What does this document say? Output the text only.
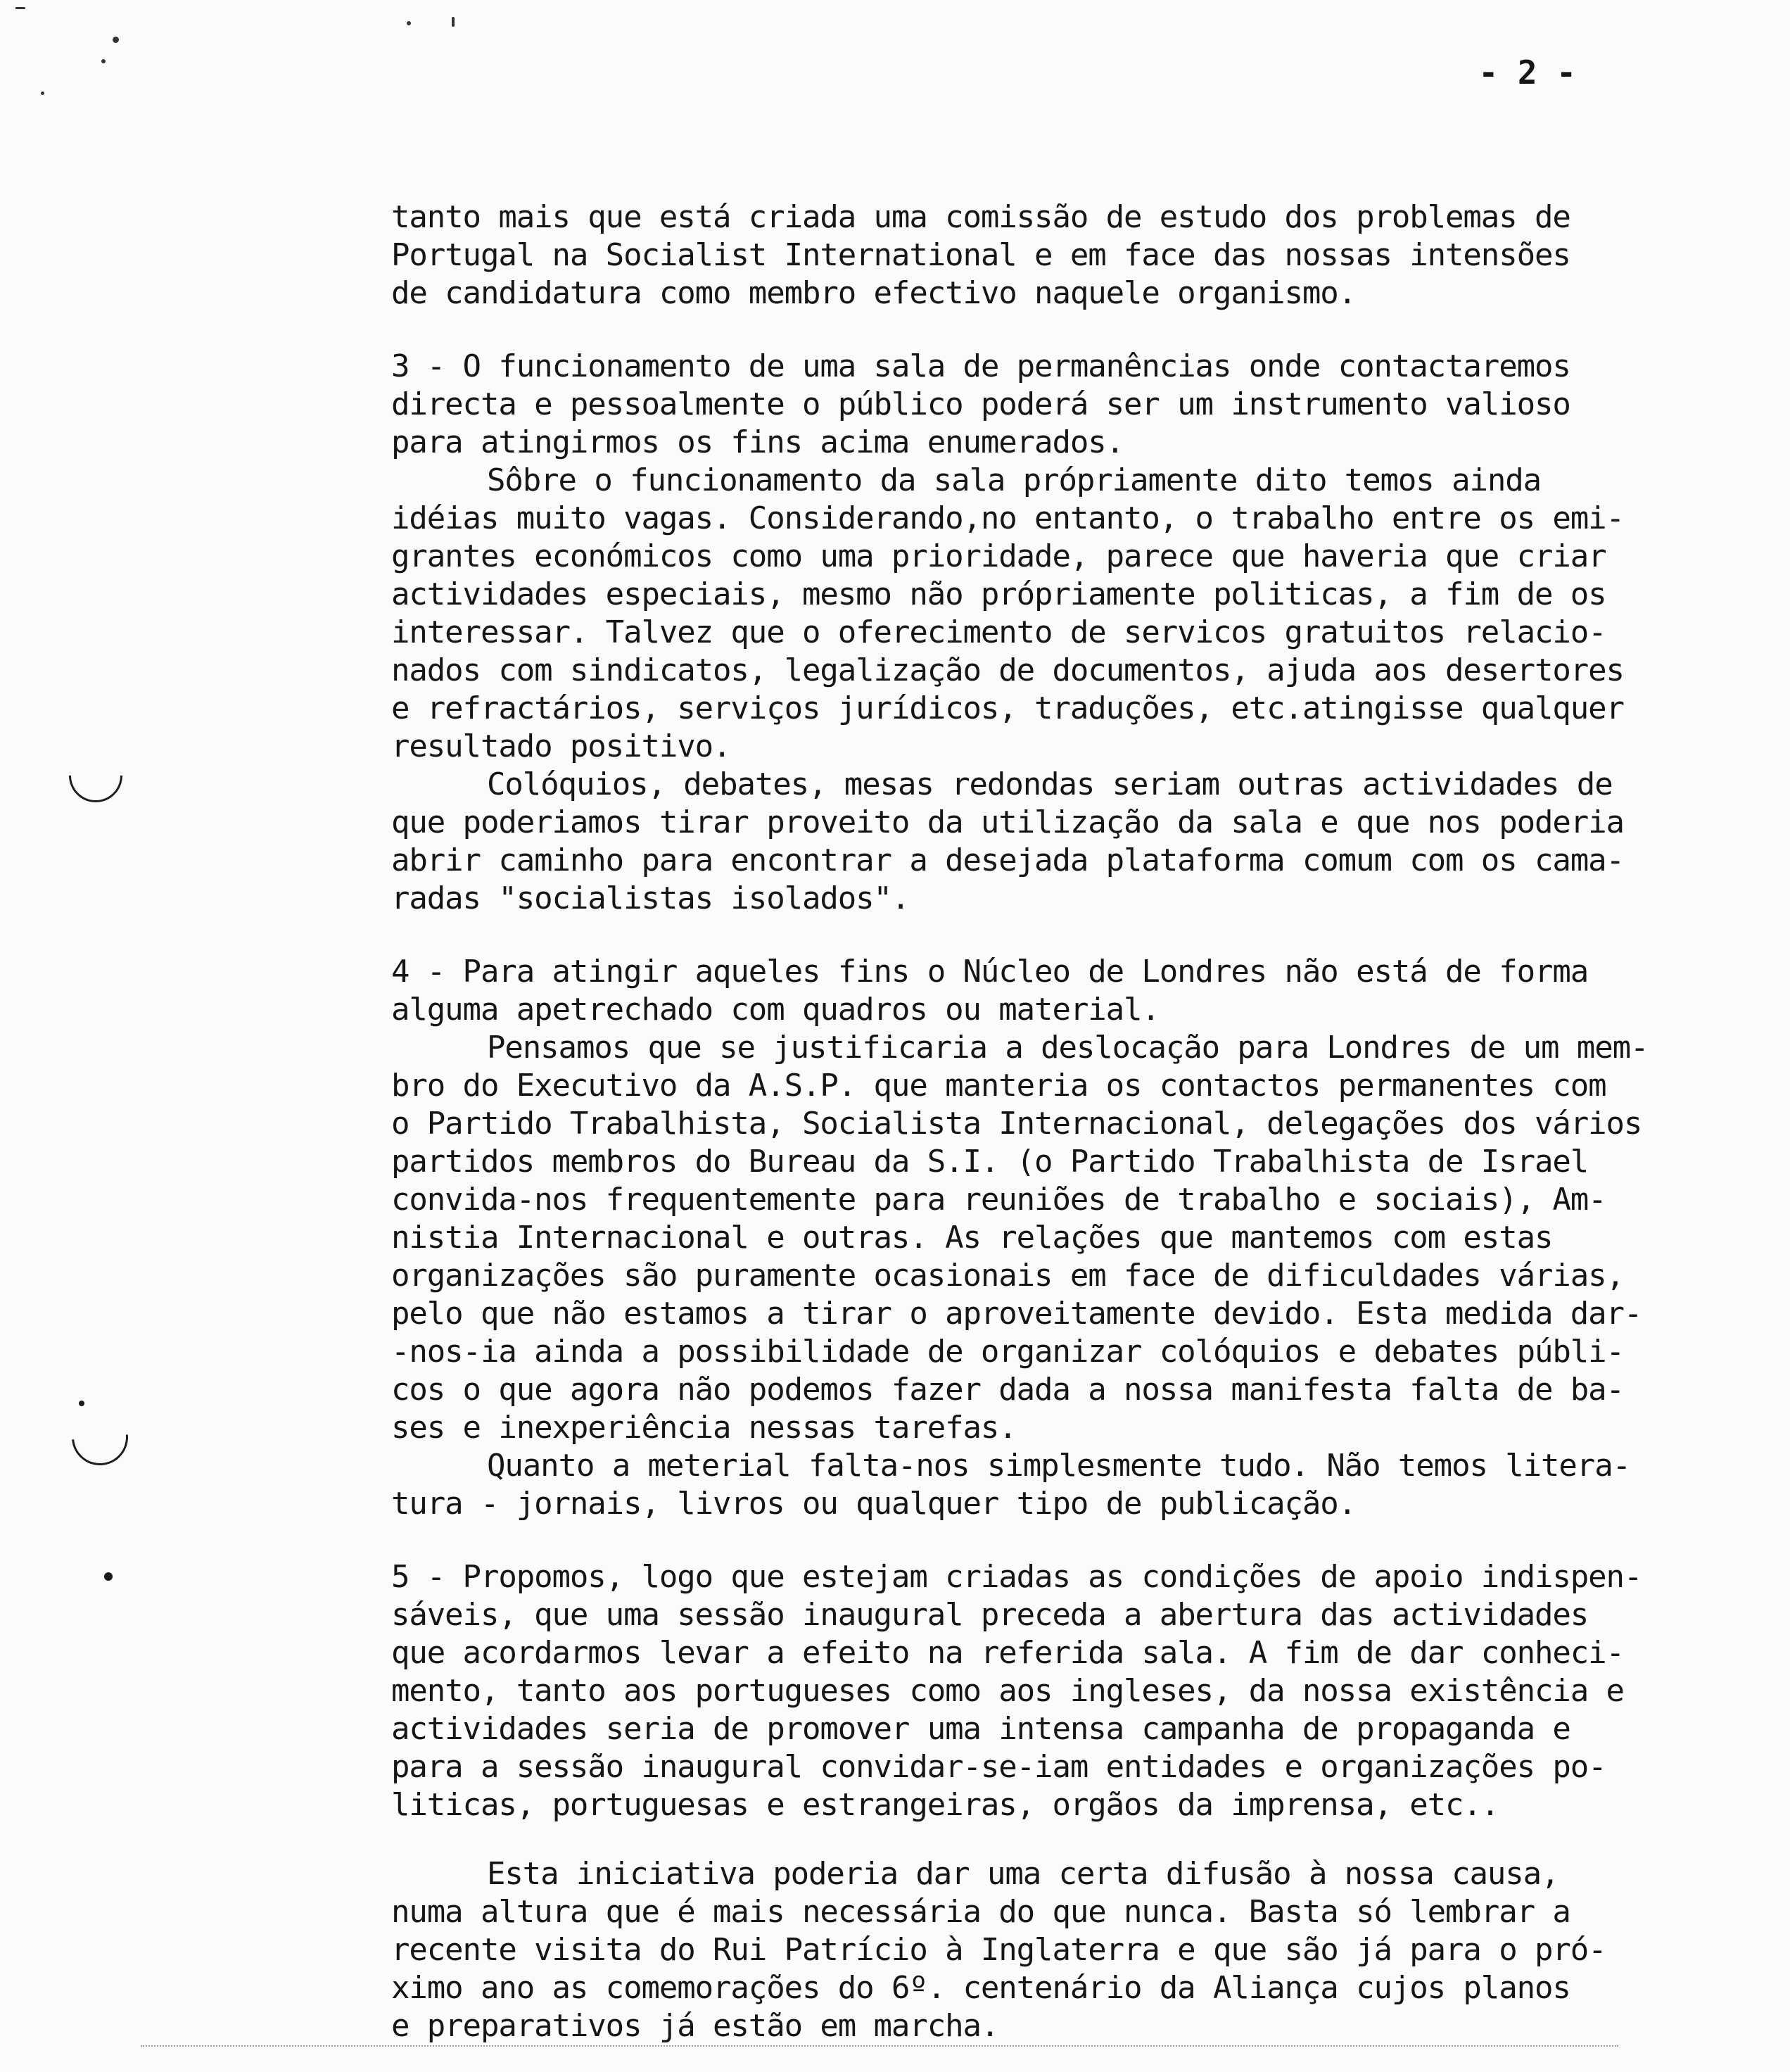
- 2 -
tanto mais que está criada uma comissão de estudo dos problemas de
Portugal na Socialist International e em face das nossas intensões
de candidatura como membro efectivo naquele organismo.
3 - O funcionamento de uma sala de permanências onde contactaremos
directa e pessoalmente o público poderá ser um instrumento valioso
para atingirmos os fins acima enumerados.
Sôbre o funcionamento da sala própriamente dito temos ainda
idéias muito vagas. Considerando,no entanto, o trabalho entre os emi-
grantes económicos como uma prioridade, parece que haveria que criar
actividades especiais, mesmo não própriamente politicas, a fim de os
interessar. Talvez que o oferecimento de servicos gratuitos relacio-
nados com sindicatos, legalização de documentos, ajuda aos desertores
e refractários, serviços jurídicos, traduções, etc.atingisse qualquer
resultado positivo.
Colóquios, debates, mesas redondas seriam outras actividades de
que poderiamos tirar proveito da utilização da sala e que nos poderia
abrir caminho para encontrar a desejada plataforma comum com os cama-
radas "socialistas isolados".
4 - Para atingir aqueles fins o Núcleo de Londres não está de forma
alguma apetrechado com quadros ou material.
Pensamos que se justificaria a deslocação para Londres de um mem-
bro do Executivo da A.S.P. que manteria os contactos permanentes com
o Partido Trabalhista, Socialista Internacional, delegações dos vários
partidos membros do Bureau da S.I. (o Partido Trabalhista de Israel
convida-nos frequentemente para reuniões de trabalho e sociais), Am-
nistia Internacional e outras. As relações que mantemos com estas
organizações são puramente ocasionais em face de dificuldades várias,
pelo que não estamos a tirar o aproveitamente devido. Esta medida dar-
-nos-ia ainda a possibilidade de organizar colóquios e debates públi-
cos o que agora não podemos fazer dada a nossa manifesta falta de ba-
ses e inexperiência nessas tarefas.
Quanto a meterial falta-nos simplesmente tudo. Não temos litera-
tura - jornais, livros ou qualquer tipo de publicação.
5 - Propomos, logo que estejam criadas as condições de apoio indispen-
sáveis, que uma sessão inaugural preceda a abertura das actividades
que acordarmos levar a efeito na referida sala. A fim de dar conheci-
mento, tanto aos portugueses como aos ingleses, da nossa existência e
actividades seria de promover uma intensa campanha de propaganda e
para a sessão inaugural convidar-se-iam entidades e organizações po-
liticas, portuguesas e estrangeiras, orgãos da imprensa, etc..
Esta iniciativa poderia dar uma certa difusão à nossa causa,
numa altura que é mais necessária do que nunca. Basta só lembrar a
recente visita do Rui Patrício à Inglaterra e que são já para o pró-
ximo ano as comemorações do 6º. centenário da Aliança cujos planos
e preparativos já estão em marcha.
